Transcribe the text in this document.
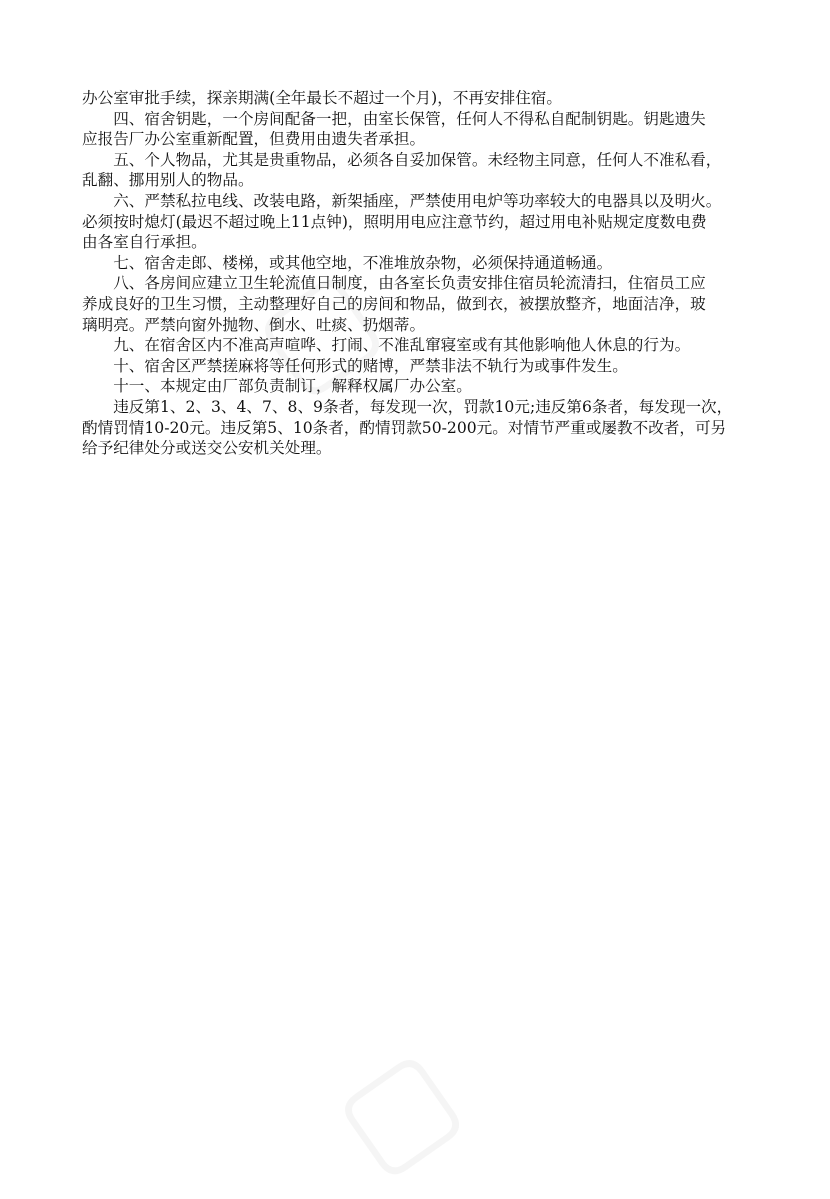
办公室审批手续，探亲期满(全年最长不超过一个月)，不再安排住宿。

四、宿舍钥匙，一个房间配备一把，由室长保管，任何人不得私自配制钥匙。钥匙遗失
应报告厂办公室重新配置，但费用由遗失者承担。

五、个人物品，尤其是贵重物品，必须各自妥加保管。未经物主同意，任何人不准私看，
乱翻、挪用别人的物品。

六、严禁私拉电线、改装电路，新架插座，严禁使用电炉等功率较大的电器具以及明火。
必须按时熄灯(最迟不超过晚上11点钟)，照明用电应注意节约，超过用电补贴规定度数电费
由各室自行承担。

七、宿舍走郎、楼梯，或其他空地，不准堆放杂物，必须保持通道畅通。

八、各房间应建立卫生轮流值日制度，由各室长负责安排住宿员轮流清扫，住宿员工应
养成良好的卫生习惯，主动整理好自己的房间和物品，做到衣，被摆放整齐，地面洁净，玻
璃明亮。严禁向窗外抛物、倒水、吐痰、扔烟蒂。

九、在宿舍区内不准高声喧哗、打闹、不准乱窜寝室或有其他影响他人休息的行为。

十、宿舍区严禁搓麻将等任何形式的赌博，严禁非法不轨行为或事件发生。

十一、本规定由厂部负责制订，解释权属厂办公室。

违反第1、2、3、4、7、8、9条者，每发现一次，罚款10元;违反第6条者，每发现一次，
酌情罚情10-20元。违反第5、10条者，酌情罚款50-200元。对情节严重或屡教不改者，可另
给予纪律处分或送交公安机关处理。
